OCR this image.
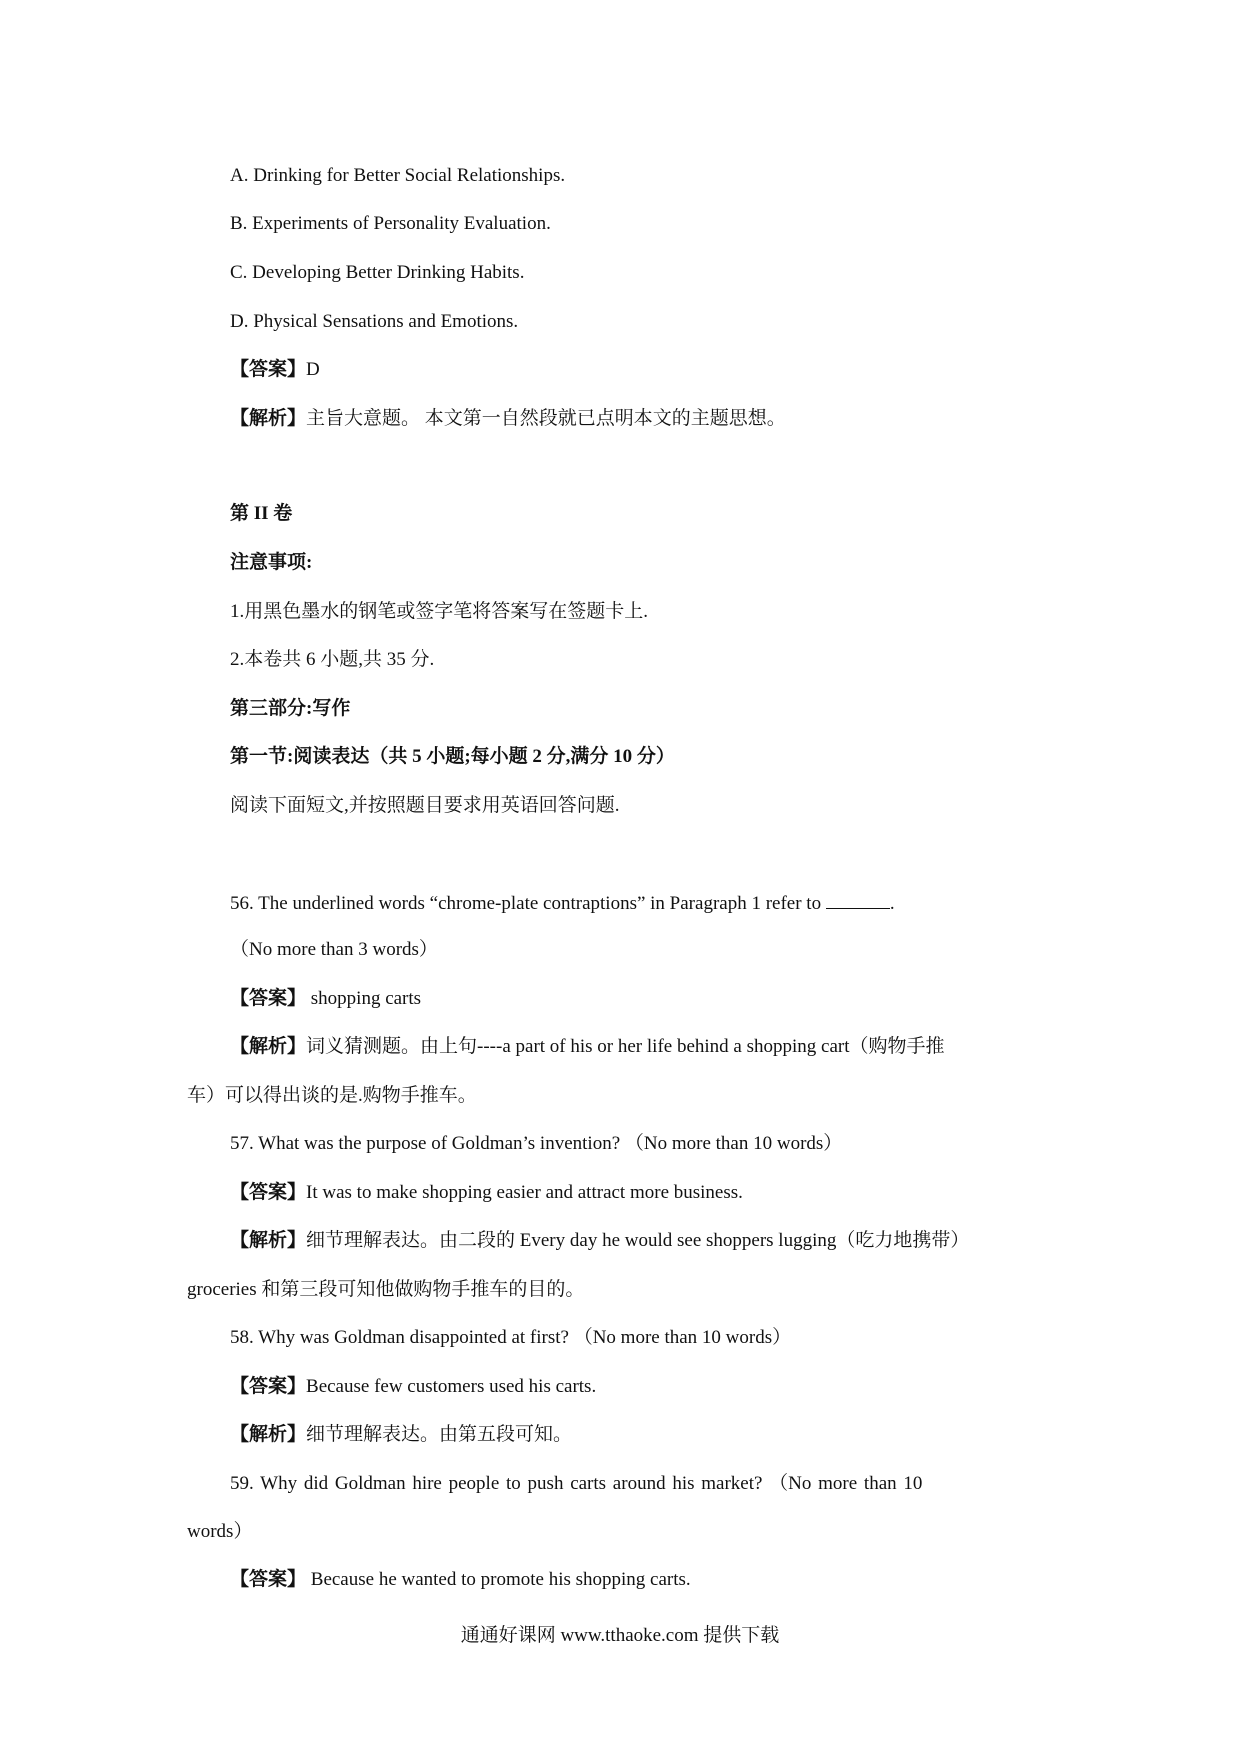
A. Drinking for Better Social Relationships.
B. Experiments of Personality Evaluation.
C. Developing Better Drinking Habits.
D. Physical Sensations and Emotions.
【答案】D
【解析】主旨大意题。 本文第一自然段就已点明本文的主题思想。
第 II 卷
注意事项:
1.用黑色墨水的钢笔或签字笔将答案写在签题卡上.
2.本卷共 6 小题,共 35 分.
第三部分:写作
第一节:阅读表达（共 5 小题;每小题 2 分,满分 10 分）
阅读下面短文,并按照题目要求用英语回答问题.
56. The underlined words “chrome-plate contraptions” in Paragraph 1 refer to	.
（No more than 3 words）
【答案】 shopping carts
【解析】词义猜测题。由上句----a part of his or her life behind a shopping cart（购物手推
车）可以得出谈的是.购物手推车。
57. What was the purpose of Goldman’s invention? （No more than 10 words）
【答案】It was to make shopping easier and attract more business.
【解析】细节理解表达。由二段的 Every day he would see shoppers lugging（吃力地携带）
groceries 和第三段可知他做购物手推车的目的。
58. Why was Goldman disappointed at first? （No more than 10 words）
【答案】Because few customers used his carts.
【解析】细节理解表达。由第五段可知。
59. Why did Goldman hire people to push carts around his market? （No more than 10
words）
【答案】 Because he wanted to promote his shopping carts.
通通好课网 www.tthaoke.com 提供下载
